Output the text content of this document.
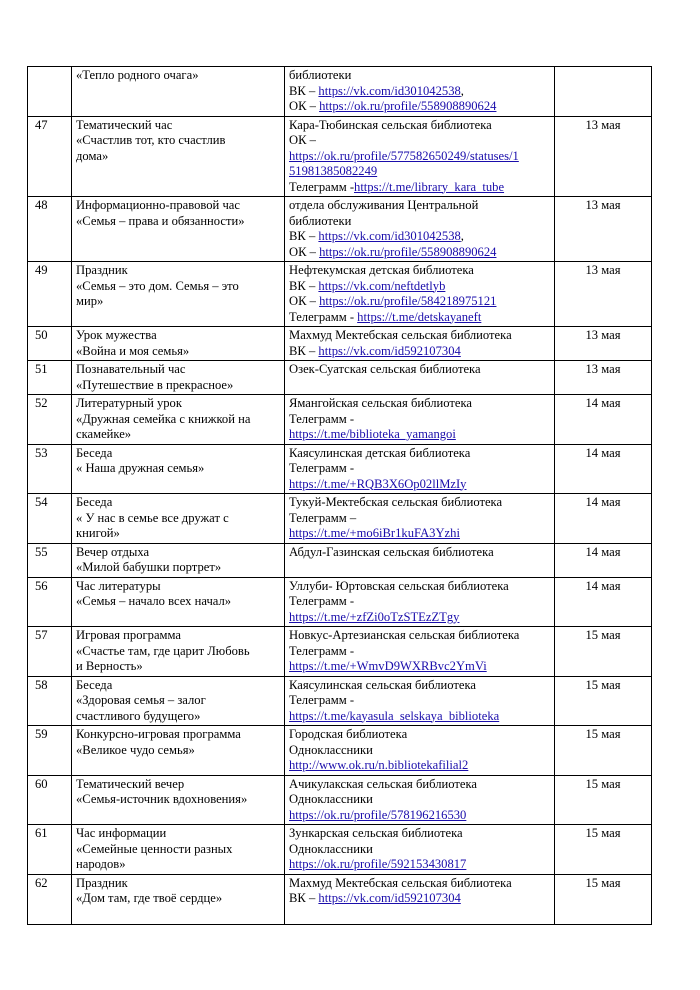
	«Тепло родного очага»	библиотеки
ВК – https://vk.com/id301042538,
ОК – https://ok.ru/profile/558908890624	

47	Тематический час
«Счастлив тот, кто счастлив
дома»	Кара-Тюбинская сельская библиотека
ОК –
https://ok.ru/profile/577582650249/statuses/1
51981385082249
Телеграмм -https://t.me/library_kara_tube	13 мая
48	Информационно-правовой час
«Семья – права и обязанности»	отдела обслуживания Центральной
библиотеки
ВК – https://vk.com/id301042538,
ОК – https://ok.ru/profile/558908890624	13 мая
49	Праздник
«Семья – это дом. Семья – это
мир»	Нефтекумская детская библиотека
ВК – https://vk.com/neftdetlyb
ОК – https://ok.ru/profile/584218975121
Телеграмм - https://t.me/detskayaneft	13 мая
50	Урок мужества
«Война и моя семья»	Махмуд Мектебская сельская библиотека
ВК – https://vk.com/id592107304	13 мая
51	Познавательный час
«Путешествие в прекрасное»	Озек-Суатская сельская библиотека	13 мая
52	Литературный урок
«Дружная семейка с книжкой на
скамейке»	Ямангойская сельская библиотека
Телеграмм -
https://t.me/biblioteka_yamangoi	14 мая
53	Беседа
« Наша дружная семья»	Каясулинская детская библиотека
Телеграмм -
https://t.me/+RQB3X6Op02llMzIy	14 мая
54	Беседа
« У нас в семье все дружат с
книгой»	Тукуй-Мектебская сельская библиотека
Телеграмм –
https://t.me/+mo6iBr1kuFA3Yzhi	14 мая
55	Вечер отдыха
«Милой бабушки портрет»	Абдул-Газинская сельская библиотека	14 мая
56	Час литературы
«Семья – начало всех начал»	Уллуби- Юртовская сельская библиотека
Телеграмм -
https://t.me/+zfZi0oTzSTEzZTgy	14 мая
57	Игровая программа
«Счастье там, где царит Любовь
и Верность»	Новкус-Артезианская сельская библиотека
Телеграмм -
https://t.me/+WmvD9WXRBvc2YmVi	15 мая
58	Беседа
«Здоровая семья – залог
счастливого будущего»	Каясулинская сельская библиотека
Телеграмм -
https://t.me/kayasula_selskaya_biblioteka	15 мая
59	Конкурсно-игровая программа
«Великое чудо семья»	Городская библиотека
Одноклассники
http://www.ok.ru/n.bibliotekafilial2	15 мая
60	Тематический вечер
«Семья-источник вдохновения»	Ачикулакская сельская библиотека
Одноклассники
https://ok.ru/profile/578196216530	15 мая
61	Час информации
«Семейные ценности разных
народов»	Зункарская сельская библиотека
Одноклассники
https://ok.ru/profile/592153430817	15 мая
62	Праздник
«Дом там, где твоё сердце»	Махмуд Мектебская сельская библиотека
ВК – https://vk.com/id592107304	15 мая
